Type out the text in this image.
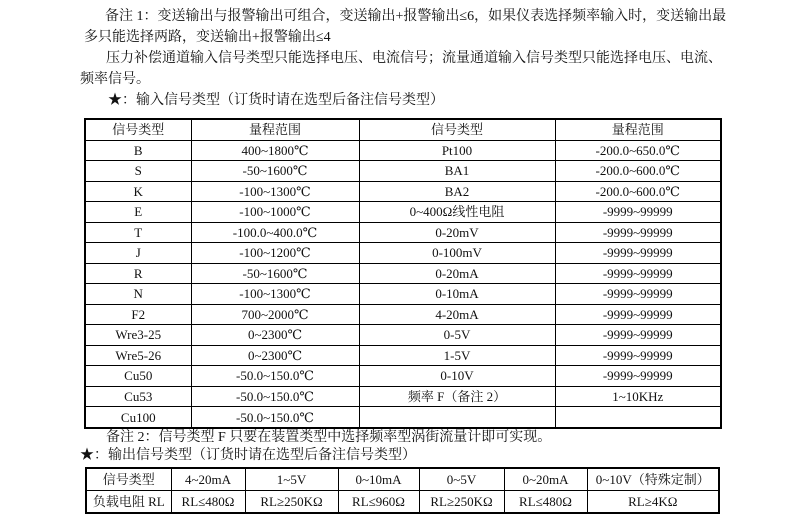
备注 1：变送输出与报警输出可组合，变送输出+报警输出≤6，如果仪表选择频率输入时，变送输出最
多只能选择两路，变送输出+报警输出≤4
压力补偿通道输入信号类型只能选择电压、电流信号；流量通道输入信号类型只能选择电压、电流、
频率信号。
★：输入信号类型（订货时请在选型后备注信号类型）
信号类型	量程范围	信号类型	量程范围
B	400~1800℃	Pt100	-200.0~650.0℃
S	-50~1600℃	BA1	-200.0~600.0℃
K	-100~1300℃	BA2	-200.0~600.0℃
E	-100~1000℃	0~400Ω线性电阻	-9999~99999
T	-100.0~400.0℃	0-20mV	-9999~99999
J	-100~1200℃	0-100mV	-9999~99999
R	-50~1600℃	0-20mA	-9999~99999
N	-100~1300℃	0-10mA	-9999~99999
F2	700~2000℃	4-20mA	-9999~99999
Wre3-25	0~2300℃	0-5V	-9999~99999
Wre5-26	0~2300℃	1-5V	-9999~99999
Cu50	-50.0~150.0℃	0-10V	-9999~99999
Cu53	-50.0~150.0℃	频率 F（备注 2）	1~10KHz
Cu100	-50.0~150.0℃		
备注 2：信号类型 F 只要在装置类型中选择频率型涡街流量计即可实现。
★：输出信号类型（订货时请在选型后备注信号类型）
信号类型	4~20mA	1~5V	0~10mA	0~5V	0~20mA	0~10V（特殊定制）
负载电阻 RL	RL≤480Ω	RL≥250KΩ	RL≤960Ω	RL≥250KΩ	RL≤480Ω	RL≥4KΩ
